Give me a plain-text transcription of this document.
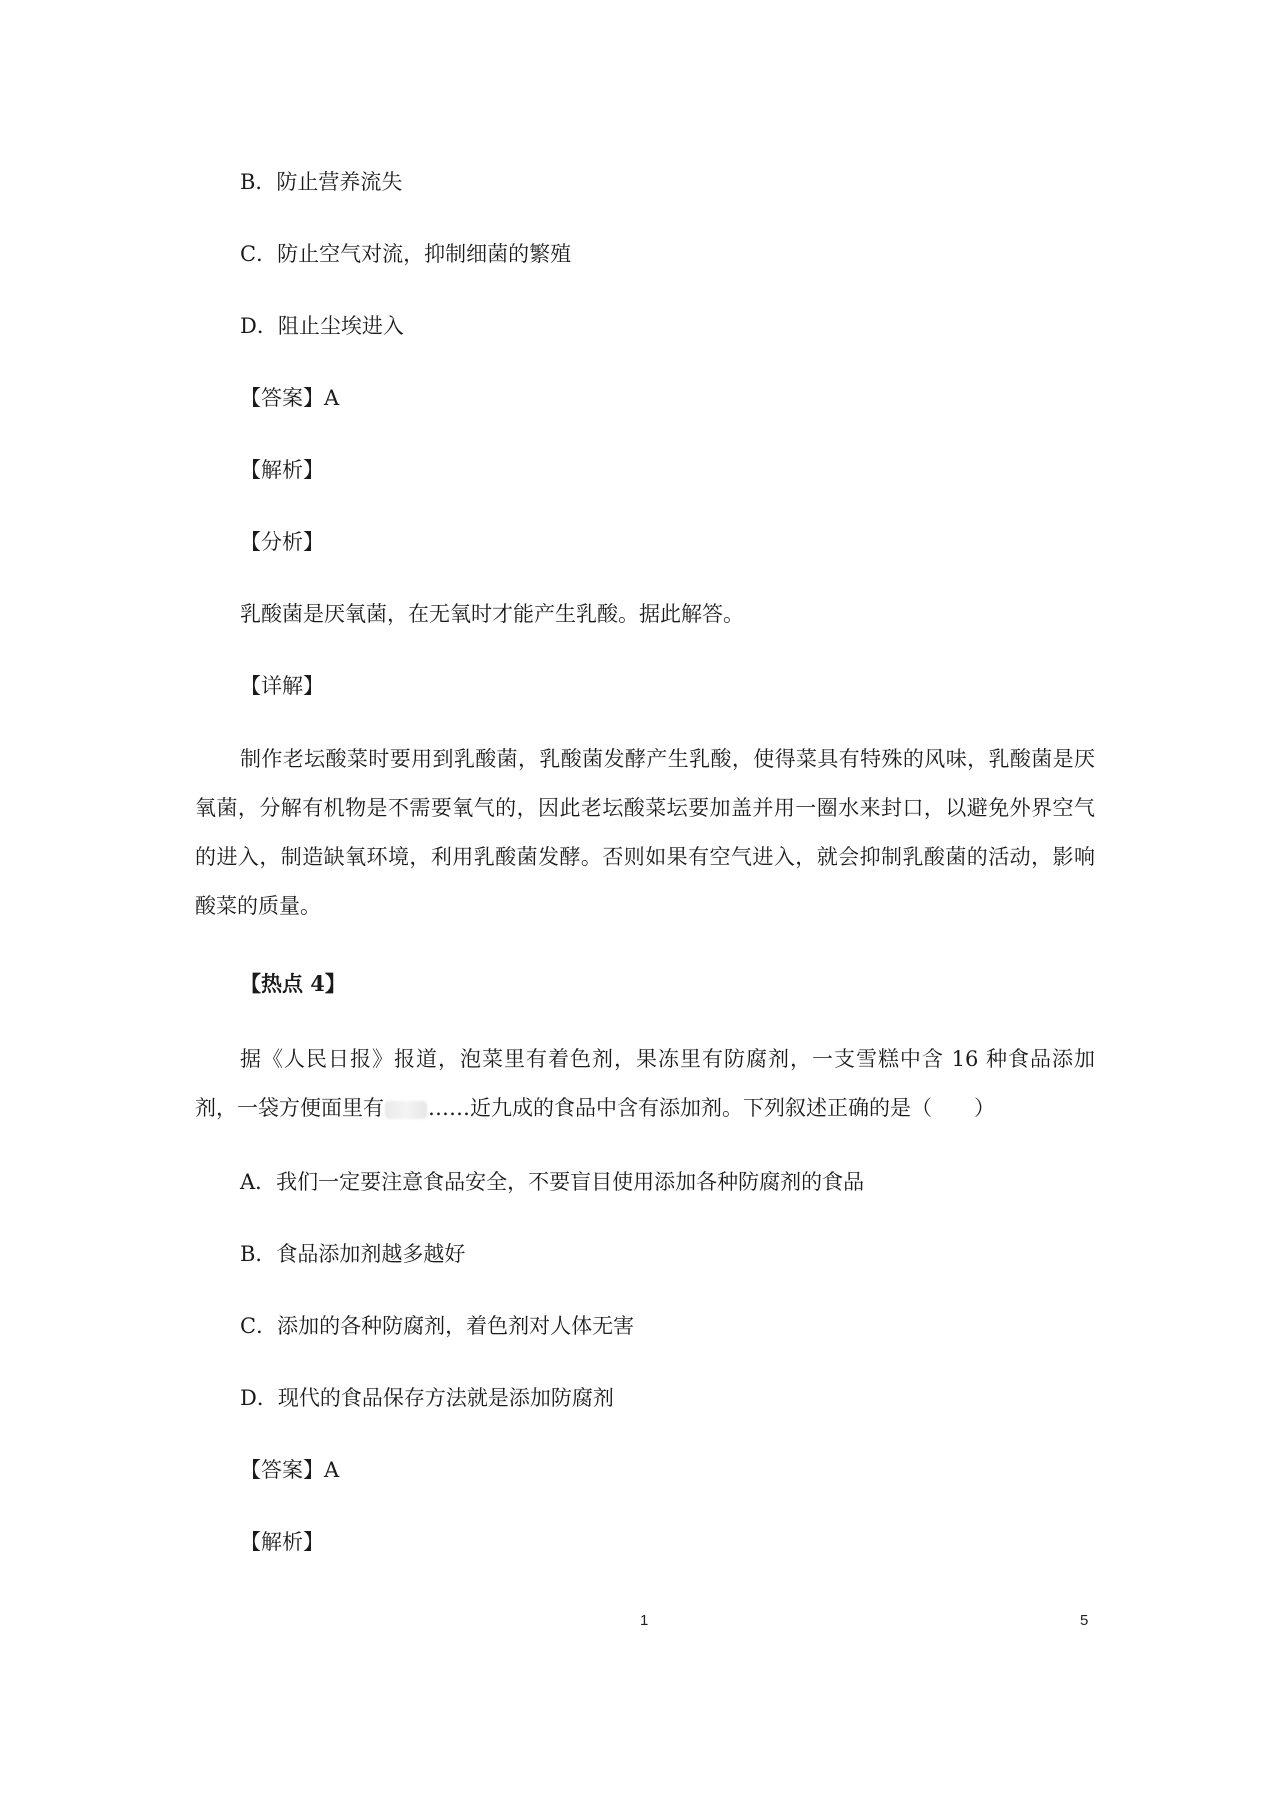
B．防止营养流失
C．防止空气对流，抑制细菌的繁殖
D．阻止尘埃进入
【答案】A
【解析】
【分析】
乳酸菌是厌氧菌，在无氧时才能产生乳酸。据此解答。
【详解】
制作老坛酸菜时要用到乳酸菌，乳酸菌发酵产生乳酸，使得菜具有特殊的风味，乳酸菌是厌氧菌，分解有机物是不需要氧气的，因此老坛酸菜坛要加盖并用一圈水来封口，以避免外界空气的进入，制造缺氧环境，利用乳酸菌发酵。否则如果有空气进入，就会抑制乳酸菌的活动，影响酸菜的质量。
【热点 4】
据《人民日报》报道，泡菜里有着色剂，果冻里有防腐剂，一支雪糕中含 16 种食品添加剂，一袋方便面里有 ……近九成的食品中含有添加剂。下列叙述正确的是（　　）
A．我们一定要注意食品安全，不要盲目使用添加各种防腐剂的食品
B．食品添加剂越多越好
C．添加的各种防腐剂，着色剂对人体无害
D．现代的食品保存方法就是添加防腐剂
【答案】A
【解析】
1	5
